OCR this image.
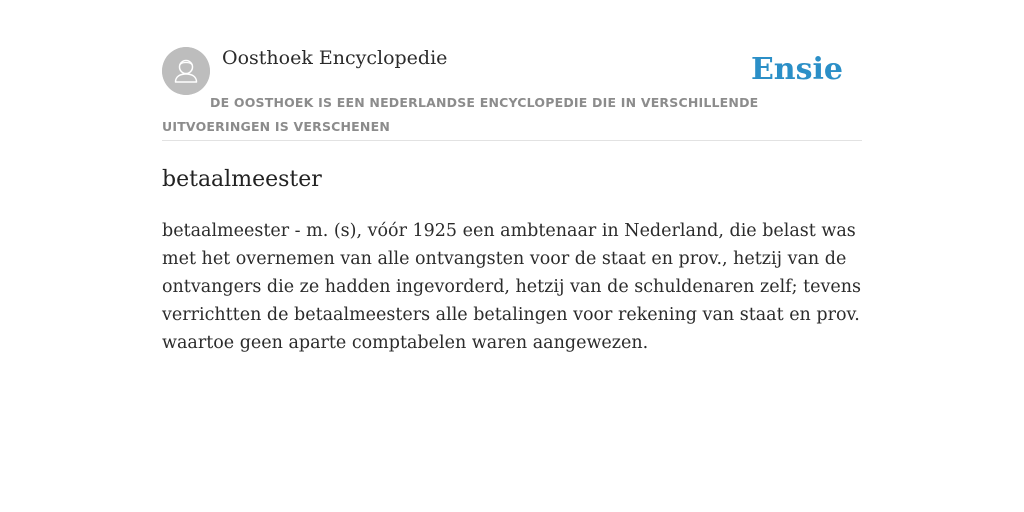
Oosthoek Encyclopedie	Ensie
DE OOSTHOEK IS EEN NEDERLANDSE ENCYCLOPEDIE DIE IN VERSCHILLENDE UITVOERINGEN IS VERSCHENEN
betaalmeester

betaalmeester - m. (s), vóór 1925 een ambtenaar in Nederland, die belast was met het overnemen van alle ontvangsten voor de staat en prov., hetzij van de ontvangers die ze hadden ingevorderd, hetzij van de schuldenaren zelf; tevens verrichtten de betaalmeesters alle betalingen voor rekening van staat en prov. waartoe geen aparte comptabelen waren aangewezen.
